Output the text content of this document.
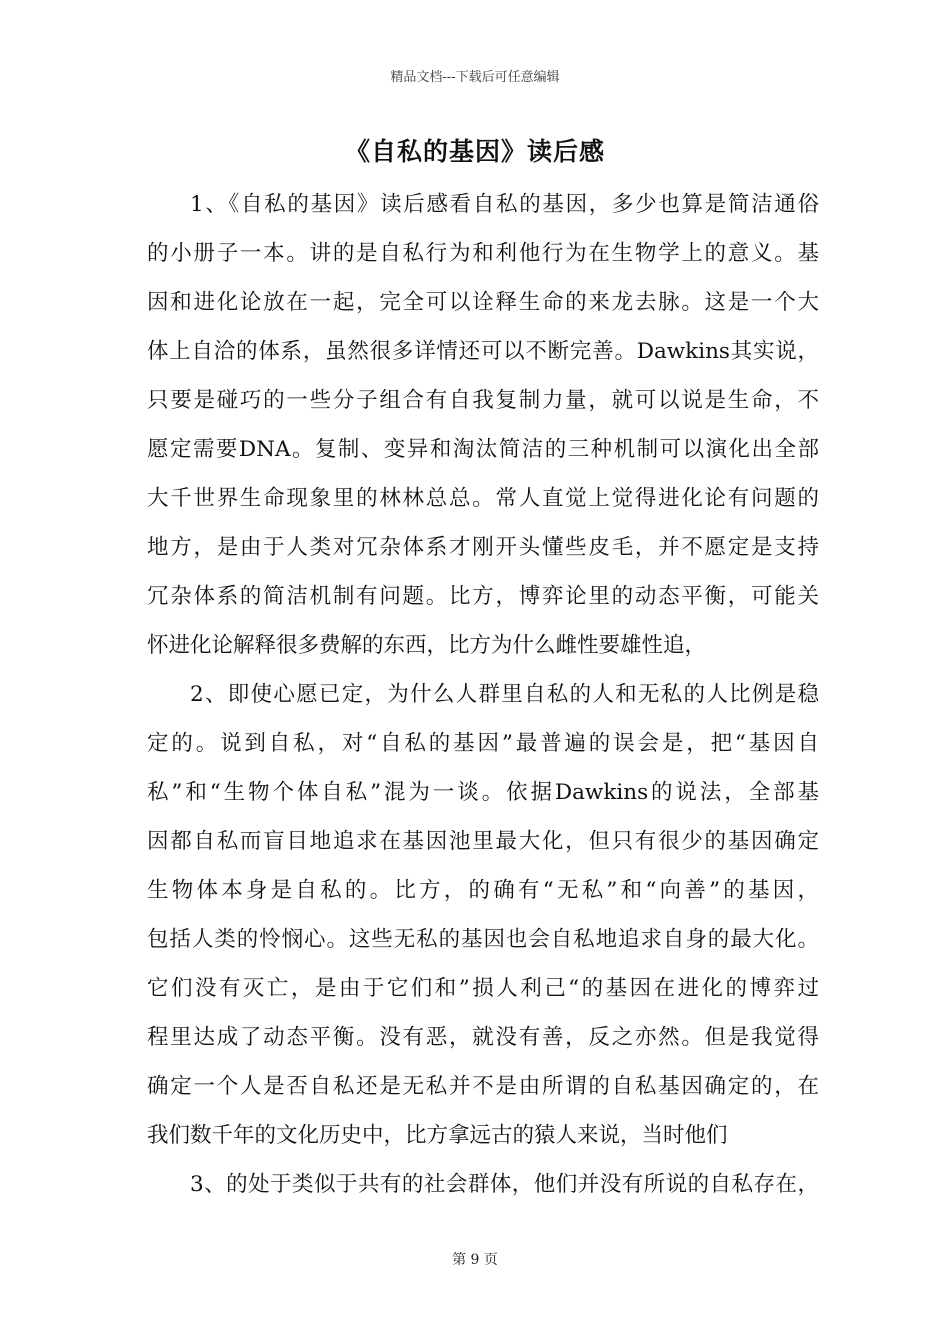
精品文档---下载后可任意编辑
《自私的基因》读后感
1、《自私的基因》读后感看自私的基因，多少也算是简洁通俗
的小册子一本。讲的是自私行为和利他行为在生物学上的意义。基
因和进化论放在一起，完全可以诠释生命的来龙去脉。这是一个大
体上自洽的体系，虽然很多详情还可以不断完善。Dawkins其实说，
只要是碰巧的一些分子组合有自我复制力量，就可以说是生命，不
愿定需要DNA。复制、变异和淘汰简洁的三种机制可以演化出全部
大千世界生命现象里的林林总总。常人直觉上觉得进化论有问题的
地方，是由于人类对冗杂体系才刚开头懂些皮毛，并不愿定是支持
冗杂体系的简洁机制有问题。比方，博弈论里的动态平衡，可能关
怀进化论解释很多费解的东西，比方为什么雌性要雄性追，
2、即使心愿已定，为什么人群里自私的人和无私的人比例是稳
定的。说到自私，对“自私的基因”最普遍的误会是，把“基因自
私”和“生物个体自私”混为一谈。依据Dawkins的说法，全部基
因都自私而盲目地追求在基因池里最大化，但只有很少的基因确定
生物体本身是自私的。比方，的确有“无私”和“向善”的基因，
包括人类的怜悯心。这些无私的基因也会自私地追求自身的最大化。
它们没有灭亡，是由于它们和”损人利己“的基因在进化的博弈过
程里达成了动态平衡。没有恶，就没有善，反之亦然。但是我觉得
确定一个人是否自私还是无私并不是由所谓的自私基因确定的，在
我们数千年的文化历史中，比方拿远古的猿人来说，当时他们
3、的处于类似于共有的社会群体，他们并没有所说的自私存在，
第 9 页
